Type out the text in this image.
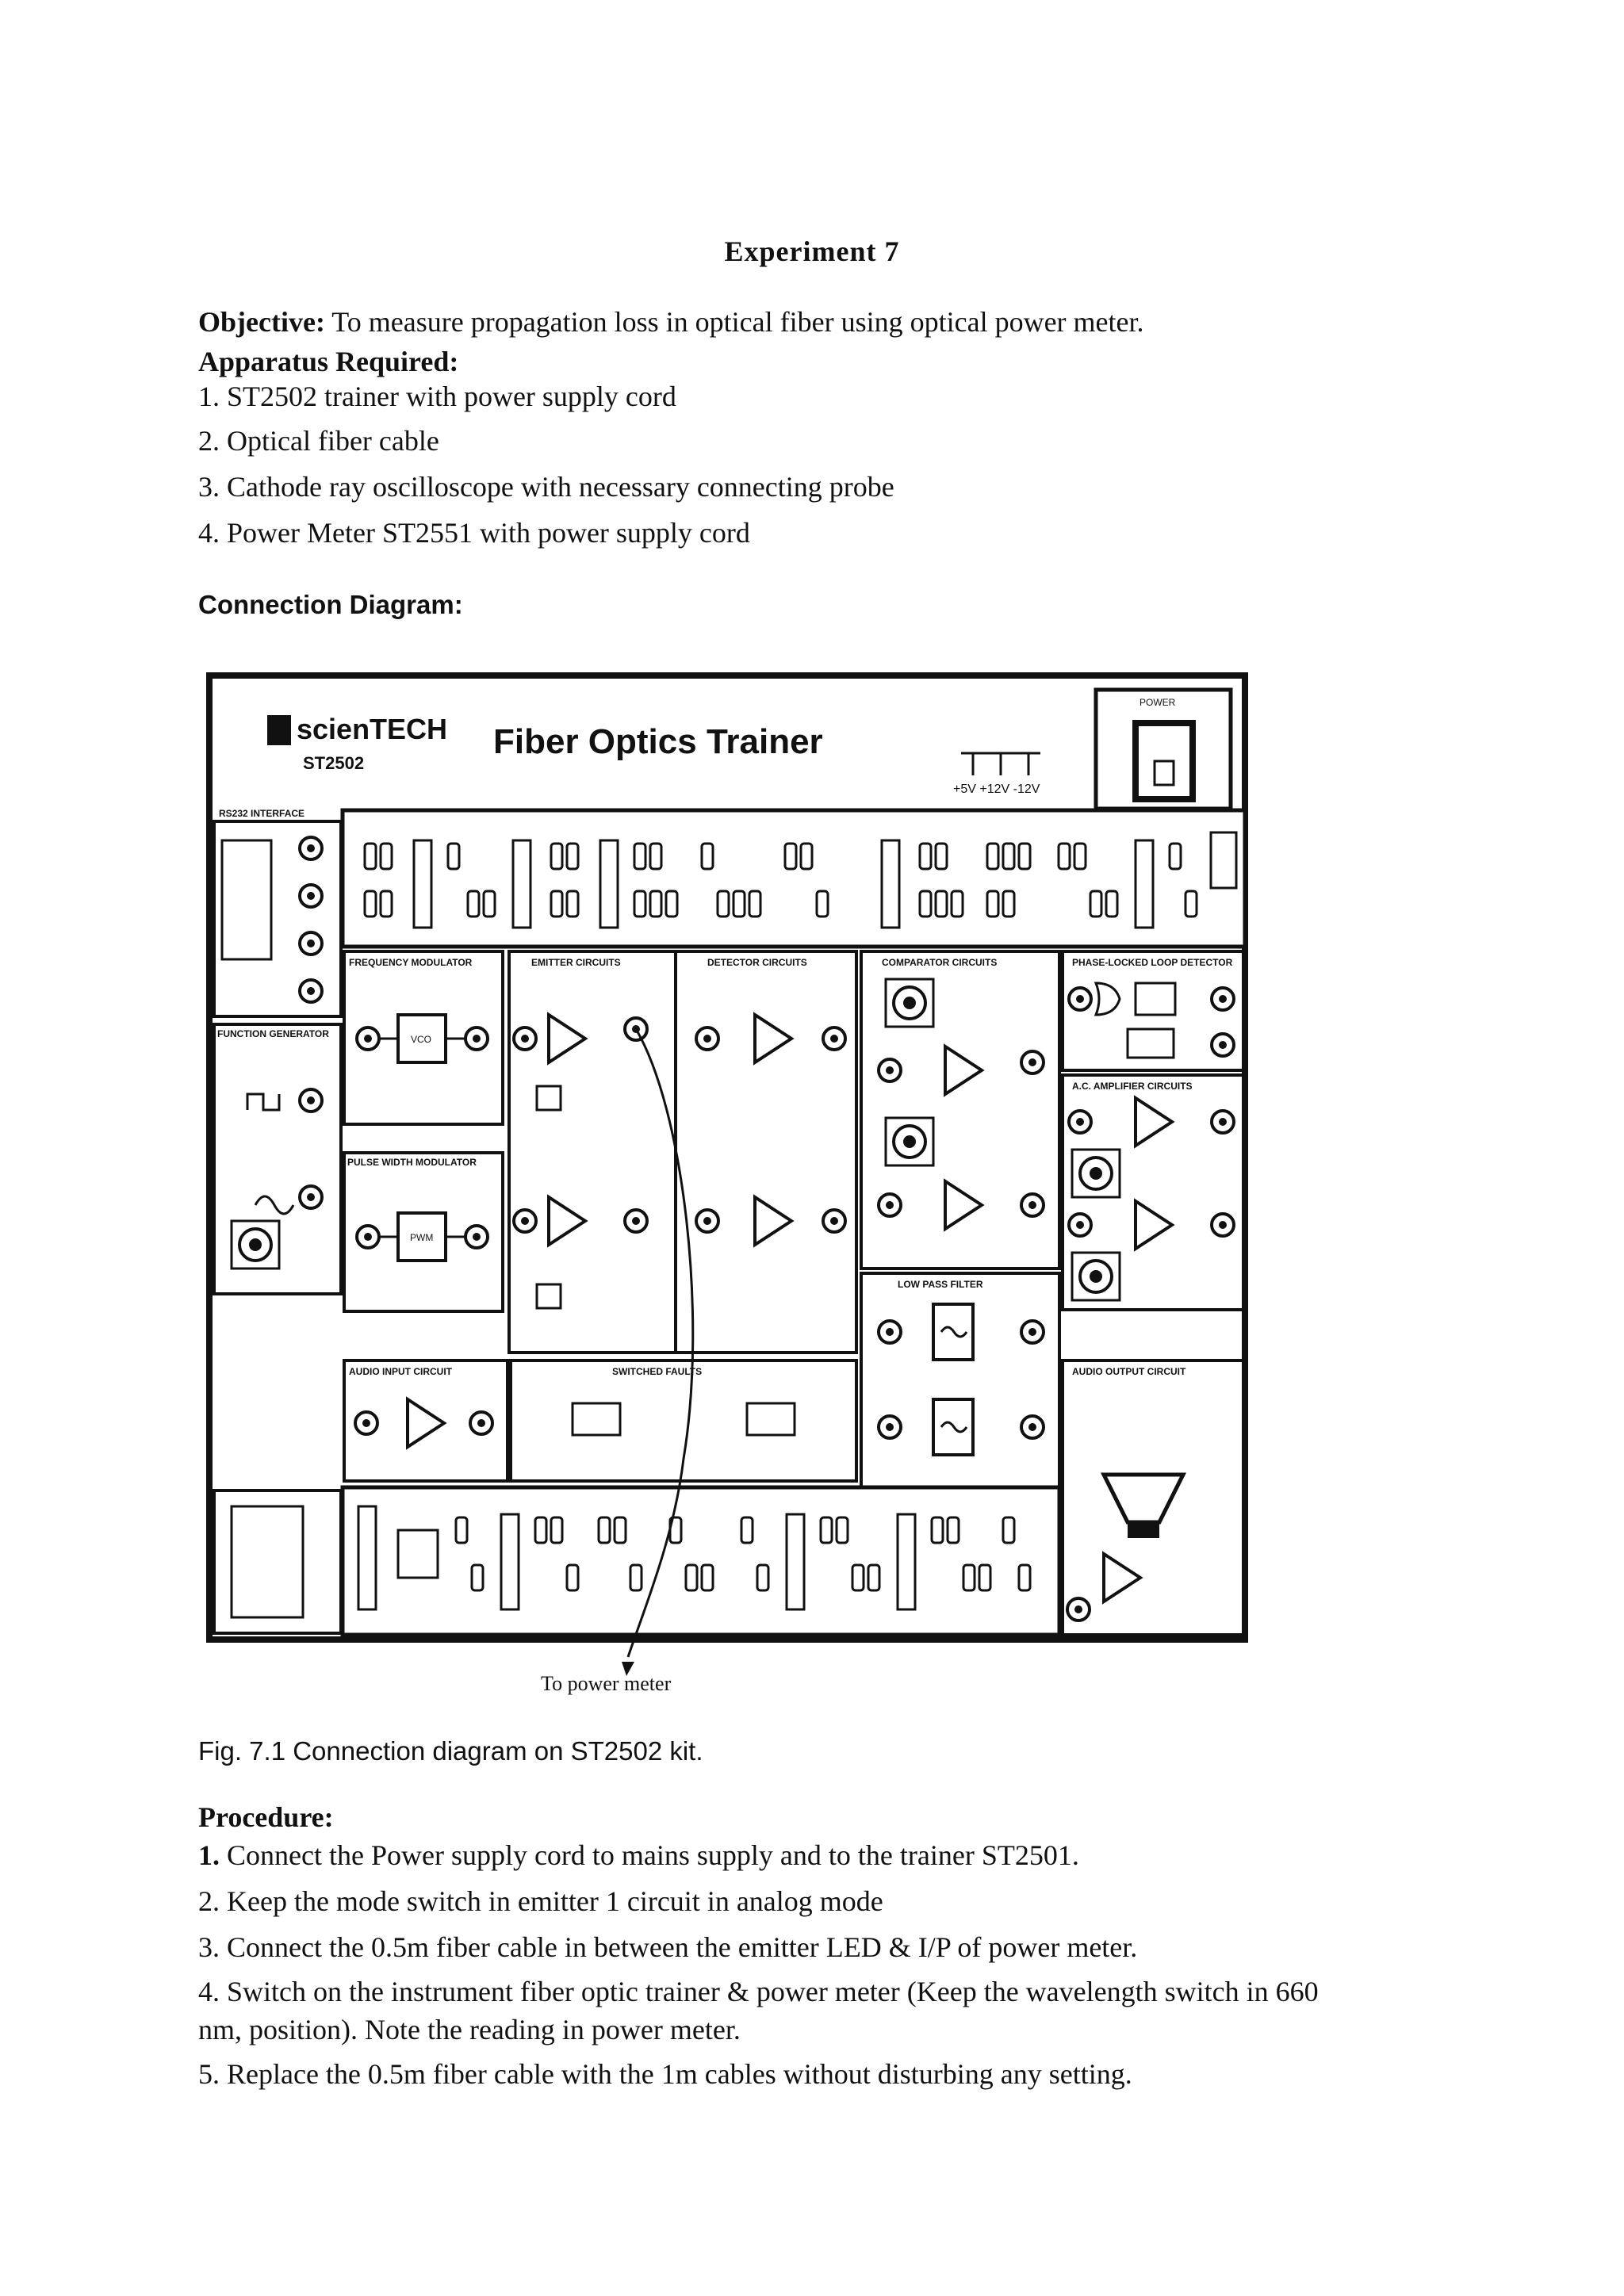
Experiment 7
Objective: To measure propagation loss in optical fiber using optical power meter.
Apparatus Required:
1. ST2502 trainer with power supply cord
2. Optical fiber cable
3. Cathode ray oscilloscope with necessary connecting probe
4. Power Meter ST2551 with power supply cord
Connection Diagram:
scienTECH
ST2502
Fiber Optics Trainer
+5V +12V -12V
POWER
RS232 INTERFACE
FUNCTION GENERATOR
FREQUENCY MODULATOR
VCO
PULSE WIDTH MODULATOR
PWM
EMITTER CIRCUITS	DETECTOR CIRCUITS	COMPARATOR CIRCUITS	PHASE-LOCKED LOOP DETECTOR
A.C. AMPLIFIER CIRCUITS
LOW PASS FILTER
AUDIO INPUT CIRCUIT	SWITCHED FAULTS	AUDIO OUTPUT CIRCUIT
To power meter
Fig. 7.1 Connection diagram on ST2502 kit.
Procedure:
1. Connect the Power supply cord to mains supply and to the trainer ST2501.
2. Keep the mode switch in emitter 1 circuit in analog mode
3. Connect the 0.5m fiber cable in between the emitter LED & I/P of power meter.
4. Switch on the instrument fiber optic trainer & power meter (Keep the wavelength switch in 660
nm, position). Note the reading in power meter.
5. Replace the 0.5m fiber cable with the 1m cables without disturbing any setting.
